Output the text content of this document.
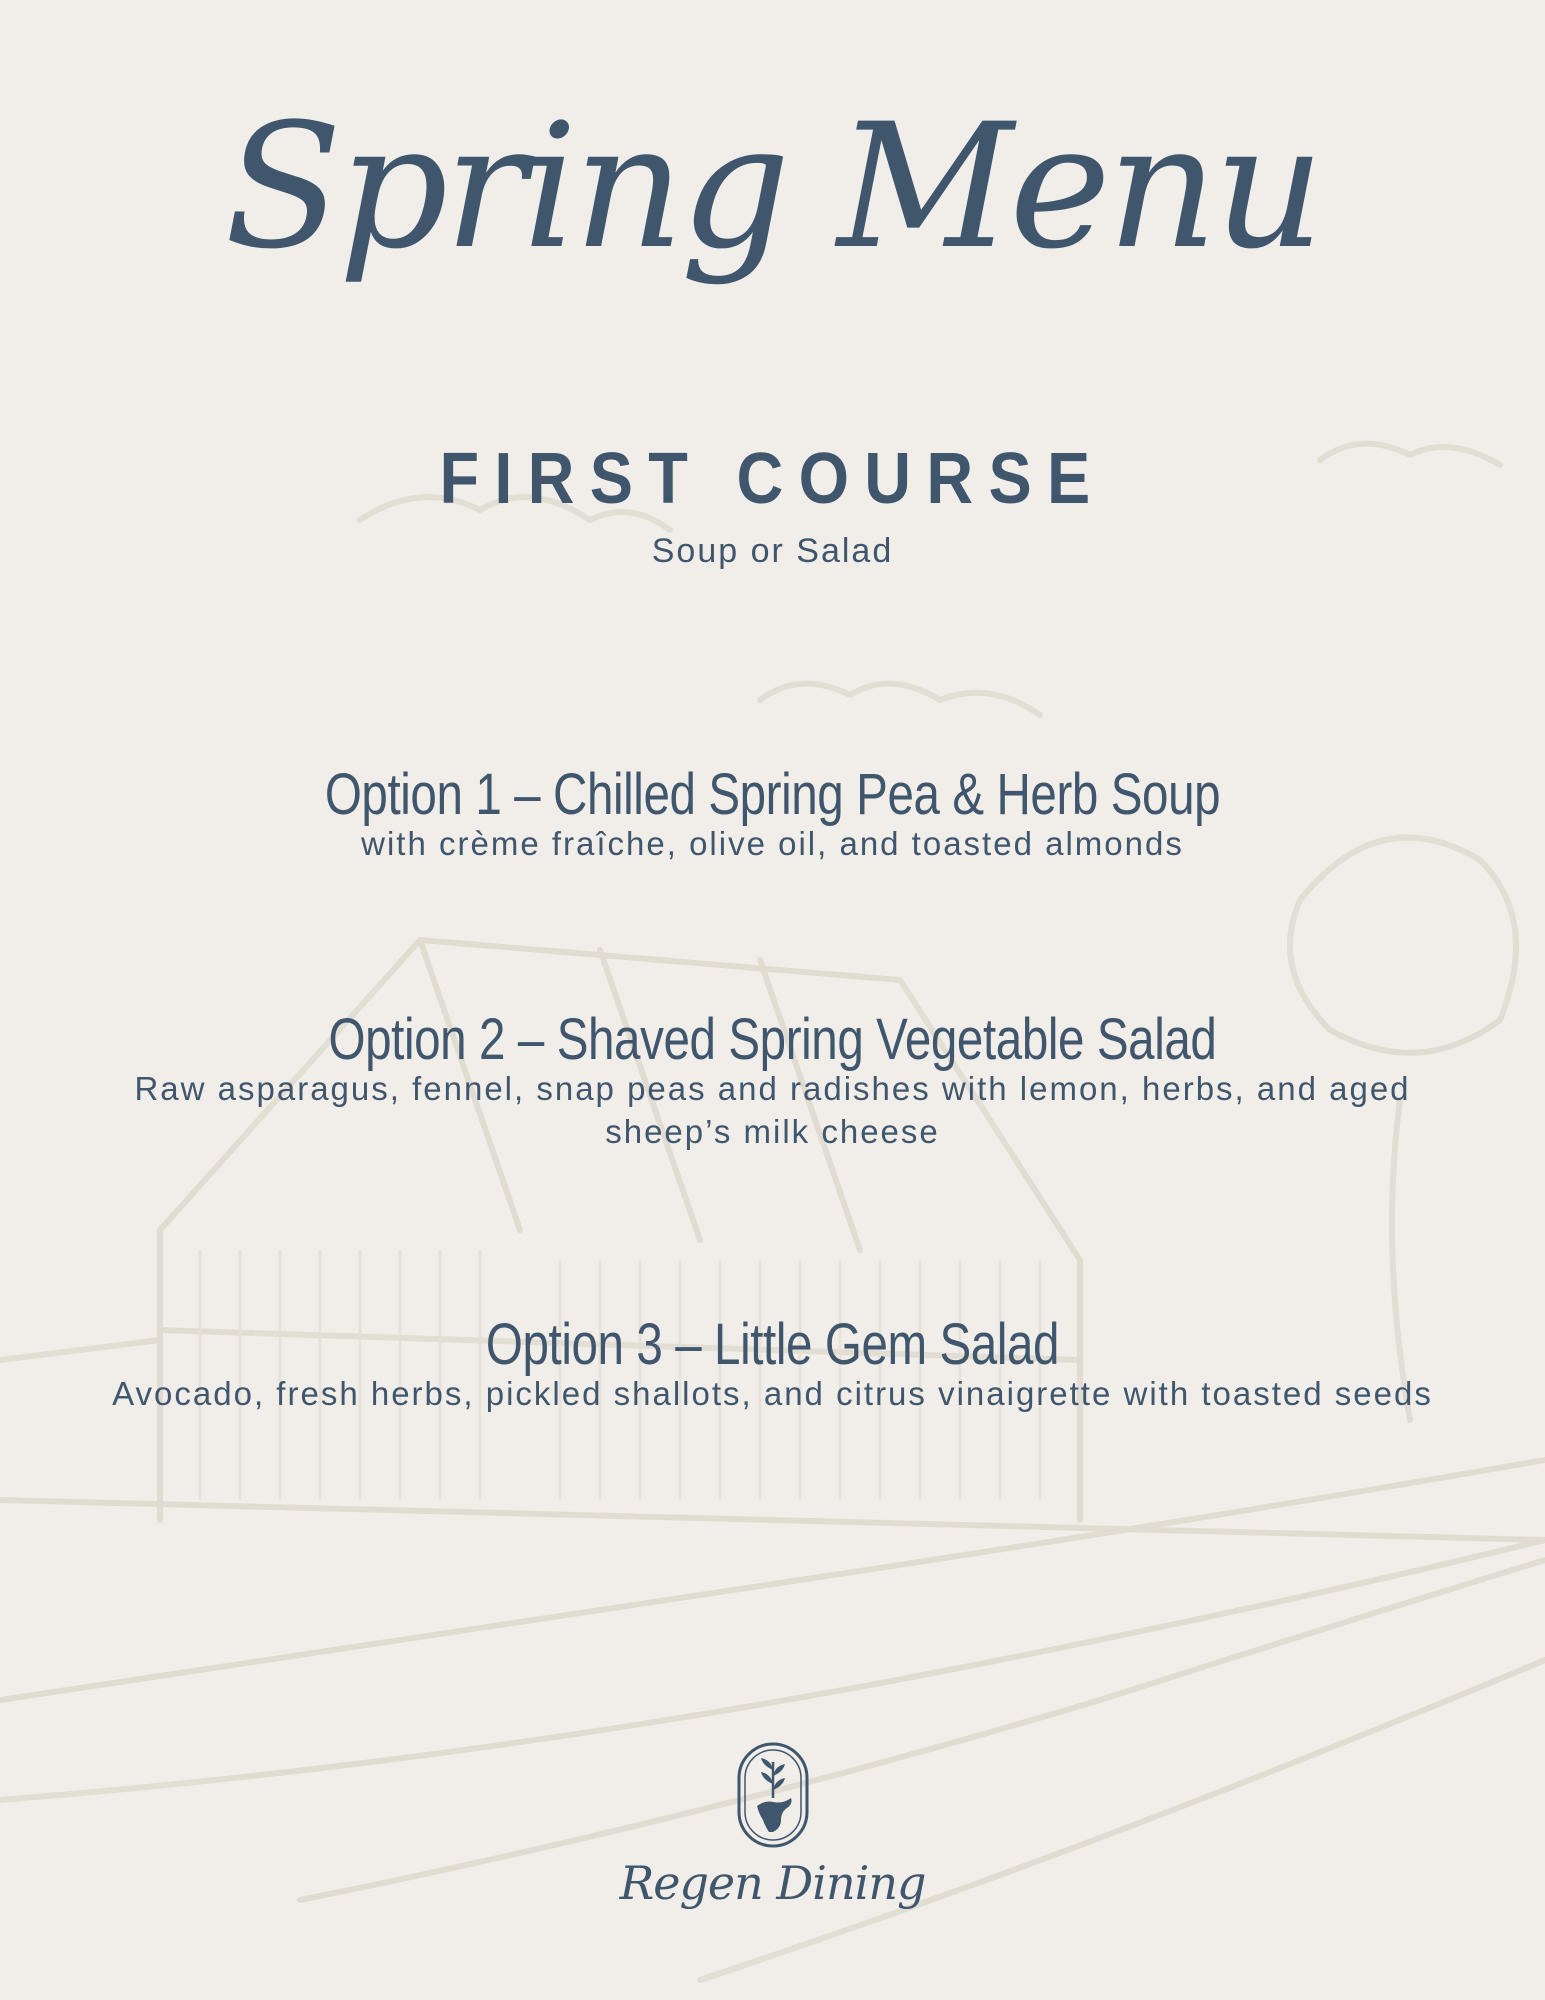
Spring Menu
FIRST COURSE
Soup or Salad
Option 1 – Chilled Spring Pea & Herb Soup

with crème fraîche, olive oil, and toasted almonds

Option 2 – Shaved Spring Vegetable Salad

Raw asparagus, fennel, snap peas and radishes with lemon, herbs, and aged sheep’s milk cheese

Option 3 – Little Gem Salad

Avocado, fresh herbs, pickled shallots, and citrus vinaigrette with toasted seeds

Regen Dining
